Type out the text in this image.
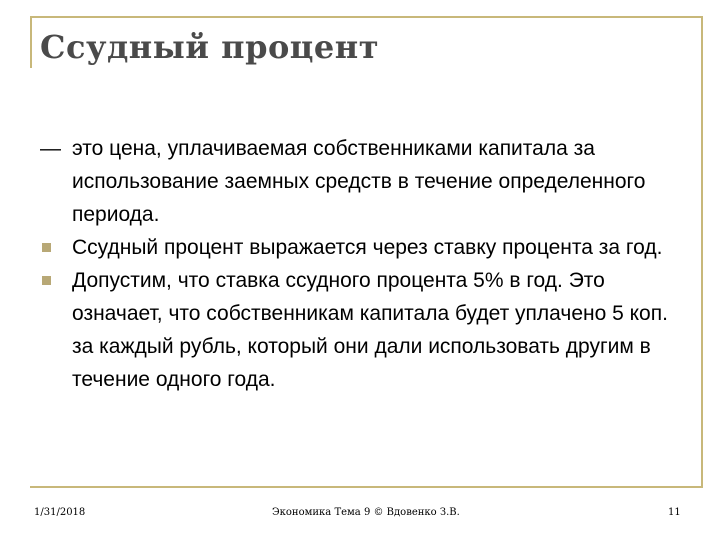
Ссудный процент
— это цена, уплачиваемая собственниками капитала за использование заемных средств в течение определенного периода.
Ссудный процент выражается через ставку процента за год.
Допустим, что ставка ссудного процента 5% в год. Это означает, что собственникам капитала будет уплачено 5 коп. за каждый рубль, который они дали использовать другим в течение одного года.
1/31/2018	Экономика Тема 9 © Вдовенко З.В.	11
